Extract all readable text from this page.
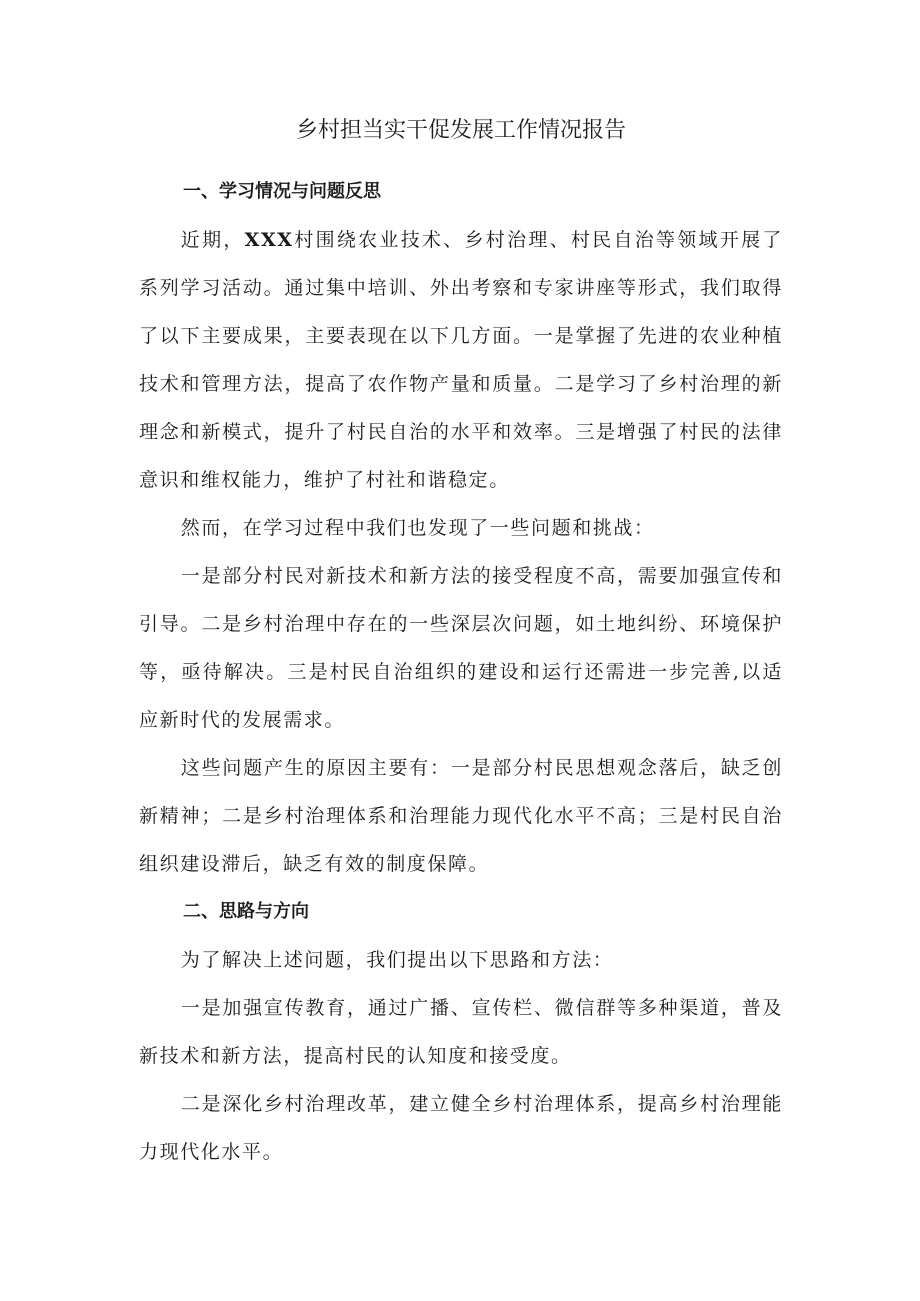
乡村担当实干促发展工作情况报告
一、学习情况与问题反思

近期，XXX村围绕农业技术、乡村治理、村民自治等领域开展了系列学习活动。通过集中培训、外出考察和专家讲座等形式，我们取得了以下主要成果，主要表现在以下几方面。一是掌握了先进的农业种植技术和管理方法，提高了农作物产量和质量。二是学习了乡村治理的新理念和新模式，提升了村民自治的水平和效率。三是增强了村民的法律意识和维权能力，维护了村社和谐稳定。

然而，在学习过程中我们也发现了一些问题和挑战：

一是部分村民对新技术和新方法的接受程度不高，需要加强宣传和引导。二是乡村治理中存在的一些深层次问题，如土地纠纷、环境保护等，亟待解决。三是村民自治组织的建设和运行还需进一步完善,以适应新时代的发展需求。

这些问题产生的原因主要有：一是部分村民思想观念落后，缺乏创新精神；二是乡村治理体系和治理能力现代化水平不高；三是村民自治组织建设滞后，缺乏有效的制度保障。

二、思路与方向

为了解决上述问题，我们提出以下思路和方法：

一是加强宣传教育，通过广播、宣传栏、微信群等多种渠道，普及新技术和新方法，提高村民的认知度和接受度。

二是深化乡村治理改革，建立健全乡村治理体系，提高乡村治理能力现代化水平。
